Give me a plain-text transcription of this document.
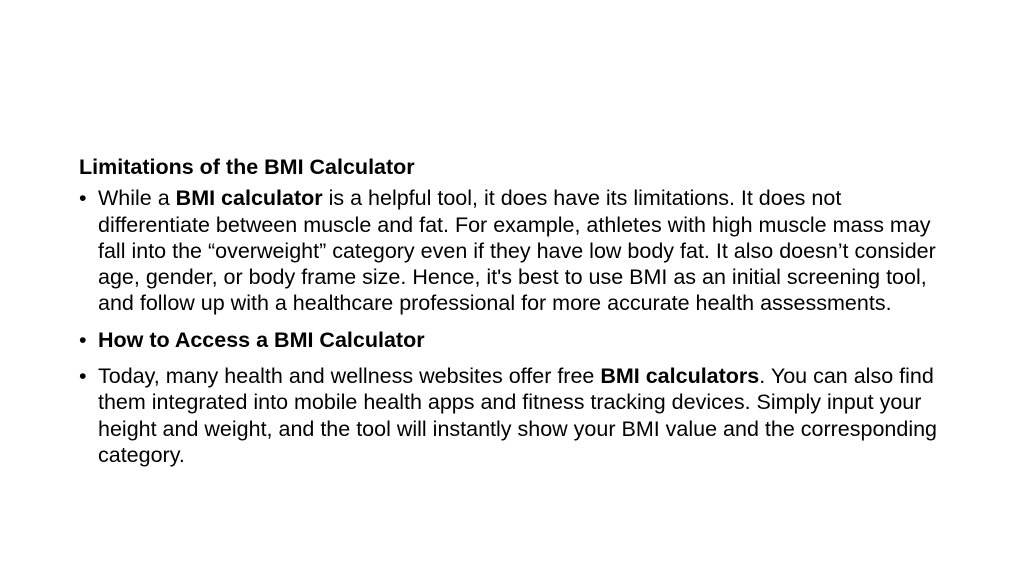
Limitations of the BMI Calculator
• While a BMI calculator is a helpful tool, it does have its limitations. It does not differentiate between muscle and fat. For example, athletes with high muscle mass may fall into the “overweight” category even if they have low body fat. It also doesn’t consider age, gender, or body frame size. Hence, it's best to use BMI as an initial screening tool, and follow up with a healthcare professional for more accurate health assessments.
• How to Access a BMI Calculator
• Today, many health and wellness websites offer free BMI calculators. You can also find them integrated into mobile health apps and fitness tracking devices. Simply input your height and weight, and the tool will instantly show your BMI value and the corresponding category.
